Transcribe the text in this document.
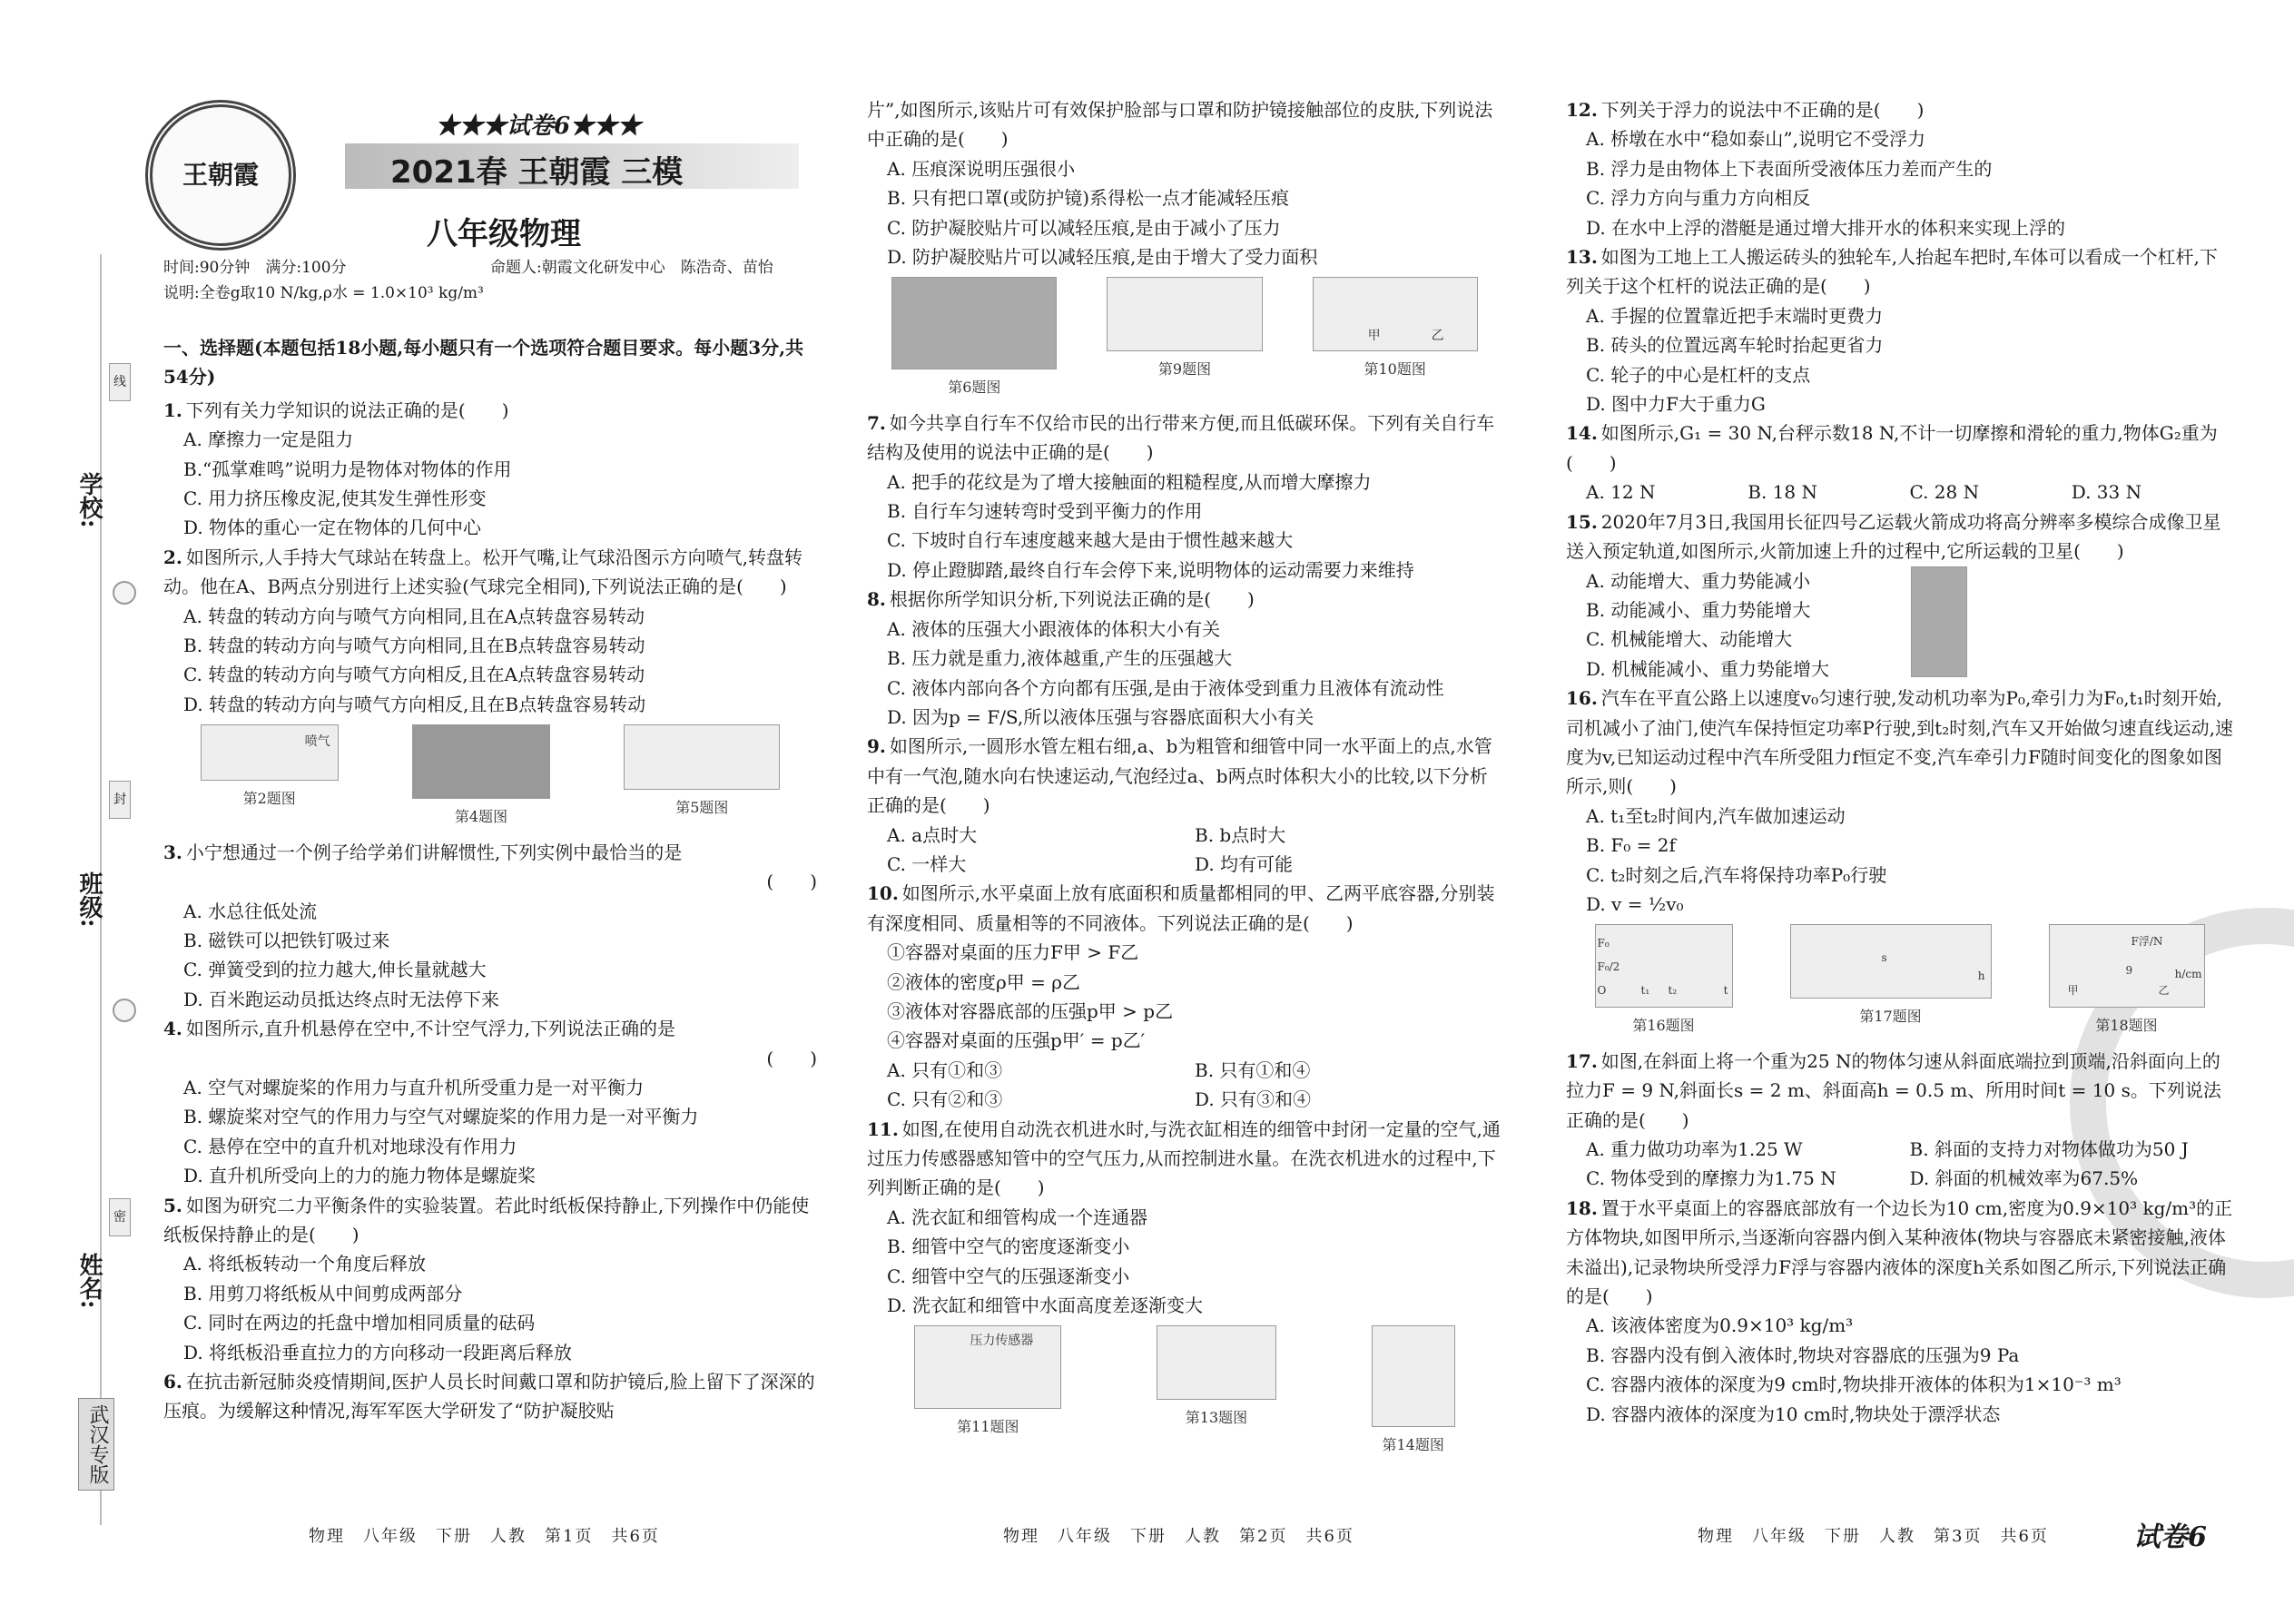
学校:
班级:
姓名:
线
封
密
武汉专版
王朝霞
★★★试卷6★★★
2021春 王朝霞 三模
八年级物理
时间:90分钟　满分:100分	命题人:朝霞文化研发中心　陈浩奇、苗怡
说明:全卷g取10 N/kg,ρ水 = 1.0×10³ kg/m³

一、选择题(本题包括18小题,每小题只有一个选项符合题目要求。每小题3分,共54分)

1. 下列有关力学知识的说法正确的是(　　)

A. 摩擦力一定是阻力

B.“孤掌难鸣”说明力是物体对物体的作用

C. 用力挤压橡皮泥,使其发生弹性形变

D. 物体的重心一定在物体的几何中心

2. 如图所示,人手持大气球站在转盘上。松开气嘴,让气球沿图示方向喷气,转盘转动。他在A、B两点分别进行上述实验(气球完全相同),下列说法正确的是(　　)

A. 转盘的转动方向与喷气方向相同,且在A点转盘容易转动

B. 转盘的转动方向与喷气方向相同,且在B点转盘容易转动

C. 转盘的转动方向与喷气方向相反,且在A点转盘容易转动

D. 转盘的转动方向与喷气方向相反,且在B点转盘容易转动

喷气
第2题图
第4题图
第5题图

3. 小宁想通过一个例子给学弟们讲解惯性,下列实例中最恰当的是

(　　)

A. 水总往低处流

B. 磁铁可以把铁钉吸过来

C. 弹簧受到的拉力越大,伸长量就越大

D. 百米跑运动员抵达终点时无法停下来

4. 如图所示,直升机悬停在空中,不计空气浮力,下列说法正确的是

(　　)

A. 空气对螺旋桨的作用力与直升机所受重力是一对平衡力

B. 螺旋桨对空气的作用力与空气对螺旋桨的作用力是一对平衡力

C. 悬停在空中的直升机对地球没有作用力

D. 直升机所受向上的力的施力物体是螺旋桨

5. 如图为研究二力平衡条件的实验装置。若此时纸板保持静止,下列操作中仍能使纸板保持静止的是(　　)

A. 将纸板转动一个角度后释放

B. 用剪刀将纸板从中间剪成两部分

C. 同时在两边的托盘中增加相同质量的砝码

D. 将纸板沿垂直拉力的方向移动一段距离后释放

6. 在抗击新冠肺炎疫情期间,医护人员长时间戴口罩和防护镜后,脸上留下了深深的压痕。为缓解这种情况,海军军医大学研发了“防护凝胶贴

物理　八年级　下册　人教　第1页　共6页

片”,如图所示,该贴片可有效保护脸部与口罩和防护镜接触部位的皮肤,下列说法中正确的是(　　)

A. 压痕深说明压强很小

B. 只有把口罩(或防护镜)系得松一点才能减轻压痕

C. 防护凝胶贴片可以减轻压痕,是由于减小了压力

D. 防护凝胶贴片可以减轻压痕,是由于增大了受力面积

第6题图
第9题图
甲	乙
第10题图

7. 如今共享自行车不仅给市民的出行带来方便,而且低碳环保。下列有关自行车结构及使用的说法中正确的是(　　)

A. 把手的花纹是为了增大接触面的粗糙程度,从而增大摩擦力

B. 自行车匀速转弯时受到平衡力的作用

C. 下坡时自行车速度越来越大是由于惯性越来越大

D. 停止蹬脚踏,最终自行车会停下来,说明物体的运动需要力来维持

8. 根据你所学知识分析,下列说法正确的是(　　)

A. 液体的压强大小跟液体的体积大小有关

B. 压力就是重力,液体越重,产生的压强越大

C. 液体内部向各个方向都有压强,是由于液体受到重力且液体有流动性

D. 因为p = F/S,所以液体压强与容器底面积大小有关

9. 如图所示,一圆形水管左粗右细,a、b为粗管和细管中同一水平面上的点,水管中有一气泡,随水向右快速运动,气泡经过a、b两点时体积大小的比较,以下分析正确的是(　　)

A. a点时大	B. b点时大
C. 一样大	D. 均有可能

10. 如图所示,水平桌面上放有底面积和质量都相同的甲、乙两平底容器,分别装有深度相同、质量相等的不同液体。下列说法正确的是(　　)

①容器对桌面的压力F甲 > F乙

②液体的密度ρ甲 = ρ乙

③液体对容器底部的压强p甲 > p乙

④容器对桌面的压强p甲′ = p乙′

A. 只有①和③	B. 只有①和④
C. 只有②和③	D. 只有③和④

11. 如图,在使用自动洗衣机进水时,与洗衣缸相连的细管中封闭一定量的空气,通过压力传感器感知管中的空气压力,从而控制进水量。在洗衣机进水的过程中,下列判断正确的是(　　)

A. 洗衣缸和细管构成一个连通器

B. 细管中空气的密度逐渐变小

C. 细管中空气的压强逐渐变小

D. 洗衣缸和细管中水面高度差逐渐变大

压力传感器
第11题图
第13题图
第14题图
物理　八年级　下册　人教　第2页　共6页

12. 下列关于浮力的说法中不正确的是(　　)

A. 桥墩在水中“稳如泰山”,说明它不受浮力

B. 浮力是由物体上下表面所受液体压力差而产生的

C. 浮力方向与重力方向相反

D. 在水中上浮的潜艇是通过增大排开水的体积来实现上浮的

13. 如图为工地上工人搬运砖头的独轮车,人抬起车把时,车体可以看成一个杠杆,下列关于这个杠杆的说法正确的是(　　)

A. 手握的位置靠近把手末端时更费力

B. 砖头的位置远离车轮时抬起更省力

C. 轮子的中心是杠杆的支点

D. 图中力F大于重力G

14. 如图所示,G₁ = 30 N,台秤示数18 N,不计一切摩擦和滑轮的重力,物体G₂重为(　　)

A. 12 N	B. 18 N	C. 28 N	D. 33 N

15. 2020年7月3日,我国用长征四号乙运载火箭成功将高分辨率多模综合成像卫星送入预定轨道,如图所示,火箭加速上升的过程中,它所运载的卫星(　　)

A. 动能增大、重力势能减小

B. 动能减小、重力势能增大

C. 机械能增大、动能增大

D. 机械能减小、重力势能增大

16. 汽车在平直公路上以速度v₀匀速行驶,发动机功率为P₀,牵引力为F₀,t₁时刻开始,司机减小了油门,使汽车保持恒定功率P行驶,到t₂时刻,汽车又开始做匀速直线运动,速度为v,已知运动过程中汽车所受阻力f恒定不变,汽车牵引力F随时间变化的图象如图所示,则(　　)

A. t₁至t₂时间内,汽车做加速运动

B. F₀ = 2f

C. t₂时刻之后,汽车将保持功率P₀行驶

D. v = ½v₀

F₀
F₀/2
O	t₁ t₂	t
第16题图
s
h
第17题图
F浮/N
9	h/cm
甲	乙
第18题图

17. 如图,在斜面上将一个重为25 N的物体匀速从斜面底端拉到顶端,沿斜面向上的拉力F = 9 N,斜面长s = 2 m、斜面高h = 0.5 m、所用时间t = 10 s。下列说法正确的是(　　)

A. 重力做功功率为1.25 W	B. 斜面的支持力对物体做功为50 J
C. 物体受到的摩擦力为1.75 N	D. 斜面的机械效率为67.5%

18. 置于水平桌面上的容器底部放有一个边长为10 cm,密度为0.9×10³ kg/m³的正方体物块,如图甲所示,当逐渐向容器内倒入某种液体(物块与容器底未紧密接触,液体未溢出),记录物块所受浮力F浮与容器内液体的深度h关系如图乙所示,下列说法正确的是(　　)

A. 该液体密度为0.9×10³ kg/m³

B. 容器内没有倒入液体时,物块对容器底的压强为9 Pa

C. 容器内液体的深度为9 cm时,物块排开液体的体积为1×10⁻³ m³

D. 容器内液体的深度为10 cm时,物块处于漂浮状态

物理　八年级　下册　人教　第3页　共6页	试卷6
